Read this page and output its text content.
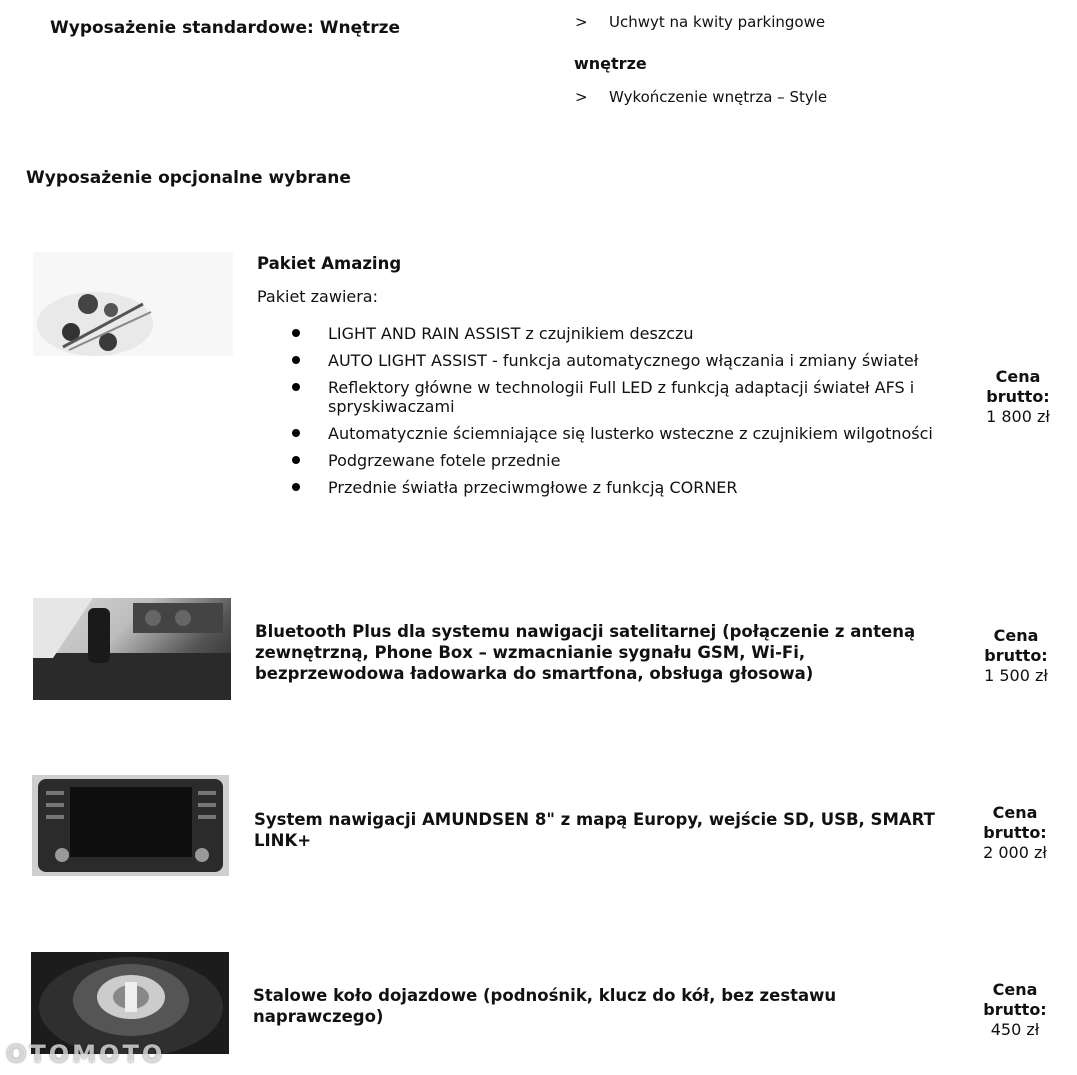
Wyposażenie standardowe: Wnętrze	> Uchwyt na kwity parkingowe
wnętrze
> Wykończenie wnętrza – Style
Wyposażenie opcjonalne wybrane
Pakiet Amazing
Pakiet zawiera:
LIGHT AND RAIN ASSIST z czujnikiem deszczu
AUTO LIGHT ASSIST - funkcja automatycznego włączania i zmiany świateł
Reflektory główne w technologii Full LED z funkcją adaptacji świateł AFS i spryskiwaczami
Automatycznie ściemniające się lusterko wsteczne z czujnikiem wilgotności
Podgrzewane fotele przednie
Przednie światła przeciwmgłowe z funkcją CORNER
Cena brutto:
1 800 zł
Bluetooth Plus dla systemu nawigacji satelitarnej (połączenie z anteną zewnętrzną, Phone Box – wzmacnianie sygnału GSM, Wi-Fi, bezprzewodowa ładowarka do smartfona, obsługa głosowa)
Cena brutto:
1 500 zł
System nawigacji AMUNDSEN 8" z mapą Europy, wejście SD, USB, SMART LINK+
Cena brutto:
2 000 zł
Stalowe koło dojazdowe (podnośnik, klucz do kół, bez zestawu naprawczego)
Cena brutto:
450 zł
OTOMOTO
